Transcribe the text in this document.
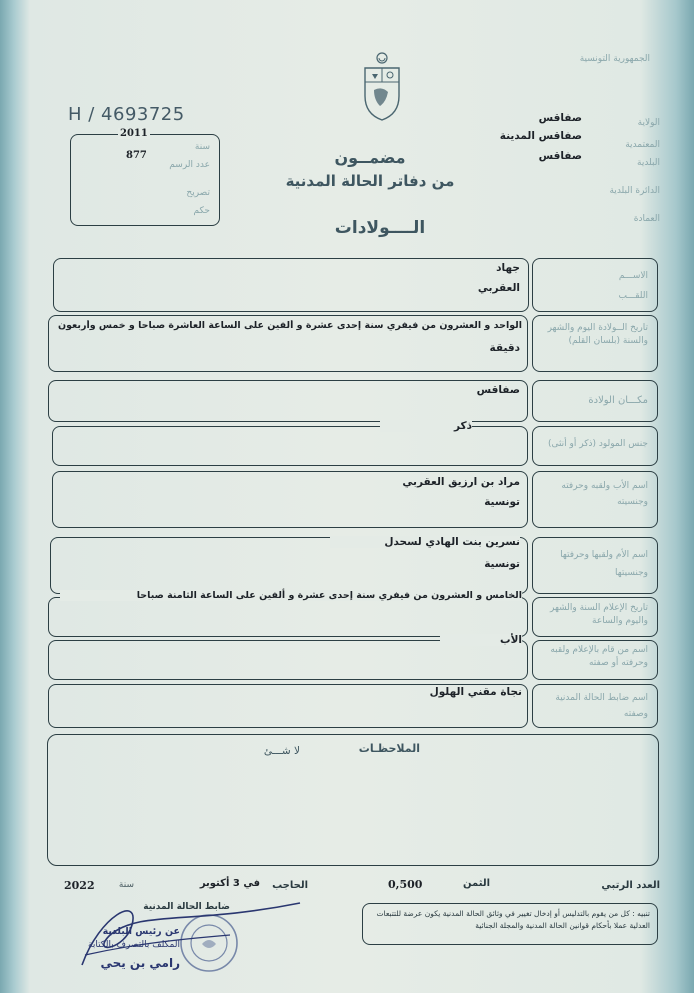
الجمهورية التونسية
الولاية
المعتمدية
البلدية
الدائرة البلدية
العمادة
صفاقس
صفاقس المدينة
صفاقس
H / 4693725
2011
877
سنة
عدد الرسم
تصريح
حكم
مضمــون
من دفاتر الحالة المدنية
الــــولادات
الاســـم
اللقـــب
جهاد
العقربي
تاريخ الــولادة اليوم والشهر والسنة (بلسان القلم)
الواحد و العشرون من فيفري سنة إحدى عشرة و ألفين على الساعة العاشرة صباحا و خمس وأربعون
دقيقة
مكـــان الولادة
صفاقس
جنس المولود (ذكر أو أنثى)
ذكر
اسم الأب ولقبه وحرفته وجنسيته
مراد بن ارزيق العقربي
تونسية
اسم الأم ولقبها وحرفتها وجنسيتها
نسرين بنت الهادي لسحدل
تونسية
تاريخ الإعلام السنة والشهر واليوم والساعة
الخامس و العشرون من فيفري سنة إحدى عشرة و ألفين على الساعة الثامنة صباحا
اسم من قام بالإعلام ولقبه وحرفته أو صفته
الأب
اسم ضابط الحالة المدنية وصفته
نجاة مقني الهلول
الملاحظـات
لا شـــئ
العدد الرتبي
الثمن
0,500
الحاجب
في 3 أكتوبر
سنة
2022
ضابط الحالة المدنية
تنبيه : كل من يقوم بالتدليس أو إدخال تغيير في وثائق الحالة المدنية يكون عرضة للتتبعات العدلية عملا بأحكام قوانين الحالة المدنية والمجلة الجنائية
عن رئيس البلدية
المكلف بالتصرف بالكتابة
رامي بن يحي
